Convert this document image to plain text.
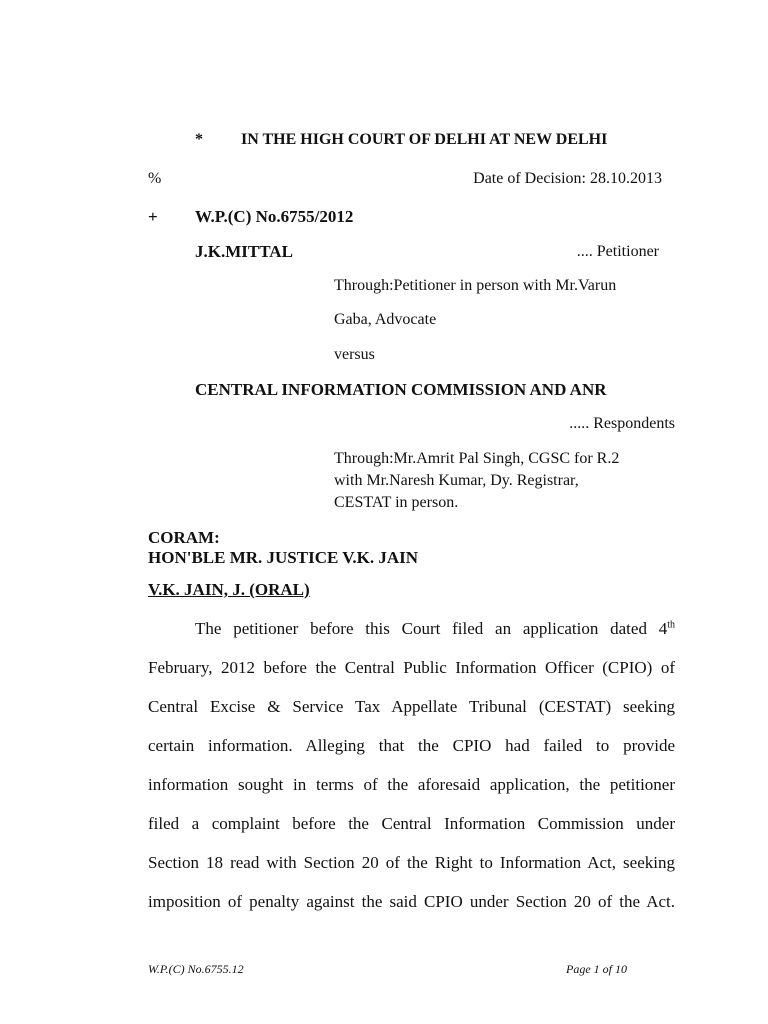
* IN THE HIGH COURT OF DELHI AT NEW DELHI
%	Date of Decision: 28.10.2013
+ W.P.(C) No.6755/2012
J.K.MITTAL	.... Petitioner
Through:Petitioner in person with Mr.Varun
Gaba, Advocate
versus
CENTRAL INFORMATION COMMISSION AND ANR
..... Respondents
Through:Mr.Amrit Pal Singh, CGSC for R.2
with Mr.Naresh Kumar, Dy. Registrar,
CESTAT in person.
CORAM:
HON'BLE MR. JUSTICE V.K. JAIN
V.K. JAIN, J. (ORAL)
The petitioner before this Court filed an application dated 4th
February, 2012 before the Central Public Information Officer (CPIO) of
Central Excise & Service Tax Appellate Tribunal (CESTAT) seeking
certain information. Alleging that the CPIO had failed to provide
information sought in terms of the aforesaid application, the petitioner
filed a complaint before the Central Information Commission under
Section 18 read with Section 20 of the Right to Information Act, seeking
imposition of penalty against the said CPIO under Section 20 of the Act.
W.P.(C) No.6755.12	Page 1 of 10
